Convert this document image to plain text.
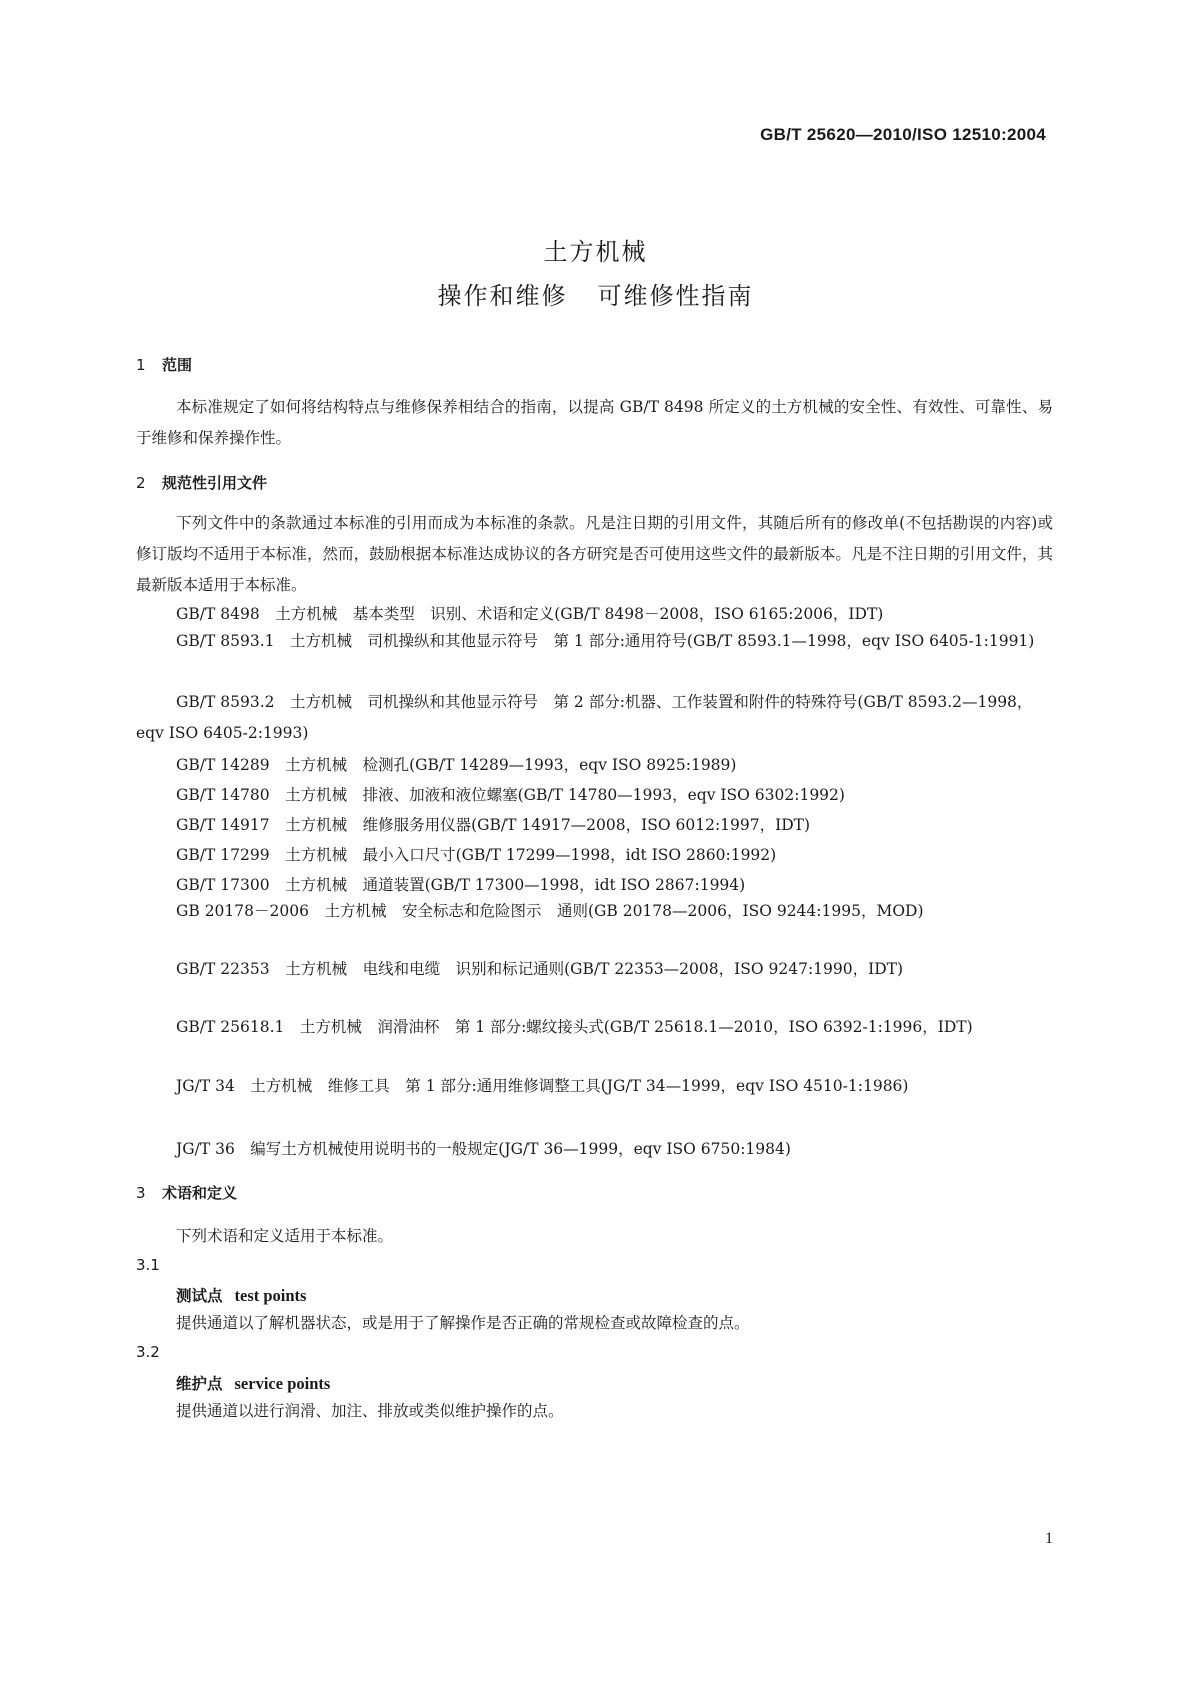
GB/T 25620—2010/ISO 12510:2004
土方机械
操作和维修 可维修性指南
1 范围
本标准规定了如何将结构特点与维修保养相结合的指南，以提高 GB/T 8498 所定义的土方机械的安全性、有效性、可靠性、易于维修和保养操作性。
2 规范性引用文件
下列文件中的条款通过本标准的引用而成为本标准的条款。凡是注日期的引用文件，其随后所有的修改单(不包括勘误的内容)或修订版均不适用于本标准，然而，鼓励根据本标准达成协议的各方研究是否可使用这些文件的最新版本。凡是不注日期的引用文件，其最新版本适用于本标准。
GB/T 8498　土方机械　基本类型　识别、术语和定义(GB/T 8498－2008，ISO 6165:2006，IDT)
GB/T 8593.1　土方机械　司机操纵和其他显示符号　第 1 部分:通用符号(GB/T 8593.1—1998，eqv ISO 6405-1:1991)
GB/T 8593.2　土方机械　司机操纵和其他显示符号　第 2 部分:机器、工作装置和附件的特殊符号(GB/T 8593.2—1998，eqv ISO 6405-2:1993)
GB/T 14289　土方机械　检测孔(GB/T 14289—1993，eqv ISO 8925:1989)
GB/T 14780　土方机械　排液、加液和液位螺塞(GB/T 14780—1993，eqv ISO 6302:1992)
GB/T 14917　土方机械　维修服务用仪器(GB/T 14917—2008，ISO 6012:1997，IDT)
GB/T 17299　土方机械　最小入口尺寸(GB/T 17299—1998，idt ISO 2860:1992)
GB/T 17300　土方机械　通道装置(GB/T 17300—1998，idt ISO 2867:1994)
GB 20178－2006　土方机械　安全标志和危险图示　通则(GB 20178—2006，ISO 9244:1995，MOD)
GB/T 22353　土方机械　电线和电缆　识别和标记通则(GB/T 22353—2008，ISO 9247:1990，IDT)
GB/T 25618.1　土方机械　润滑油杯　第 1 部分:螺纹接头式(GB/T 25618.1—2010，ISO 6392-1:1996，IDT)
JG/T 34　土方机械　维修工具　第 1 部分:通用维修调整工具(JG/T 34—1999，eqv ISO 4510-1:1986)
JG/T 36　编写土方机械使用说明书的一般规定(JG/T 36—1999，eqv ISO 6750:1984)
3 术语和定义
下列术语和定义适用于本标准。
3.1
测试点 test points
提供通道以了解机器状态，或是用于了解操作是否正确的常规检查或故障检查的点。
3.2
维护点 service points
提供通道以进行润滑、加注、排放或类似维护操作的点。
1
